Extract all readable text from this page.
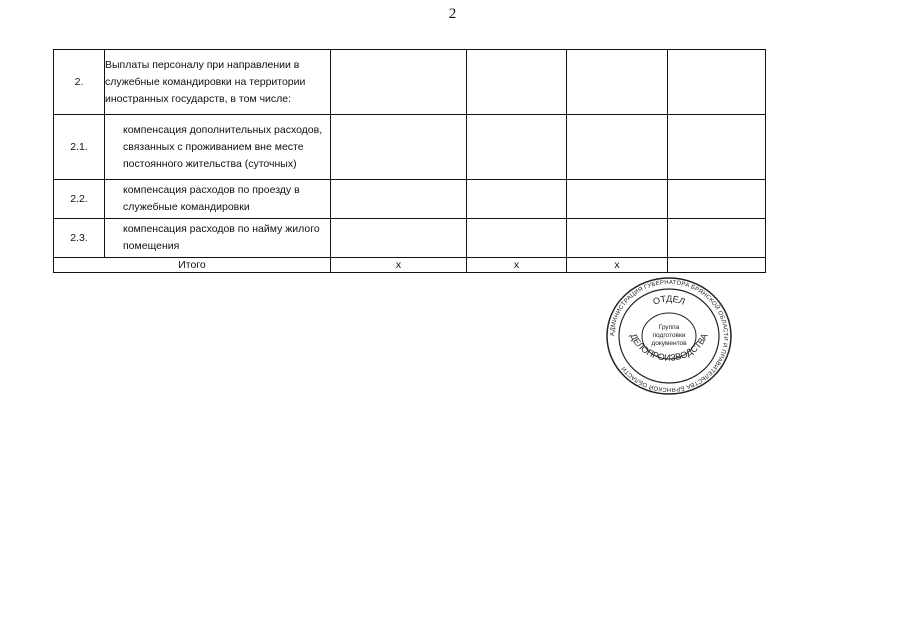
2
2.	Выплаты персоналу при направлении в служебные командировки на территории иностранных государств, в том числе:				
2.1.	компенсация дополнительных расходов, связанных с проживанием вне месте постоянного жительства (суточных)				
2.2.	компенсация расходов по проезду в служебные командировки				
2.3.	компенсация расходов по найму жилого помещения				
Итого		х	х	х	
АДМИНИСТРАЦИЯ ГУБЕРНАТОРА БРЯНСКОЙ ОБЛАСТИ И ПРАВИТЕЛЬСТВА БРЯНСКОЙ ОБЛАСТИ
ОТДЕЛ
ДЕЛОПРОИЗВОДСТВА
Группа
подготовки
документов
